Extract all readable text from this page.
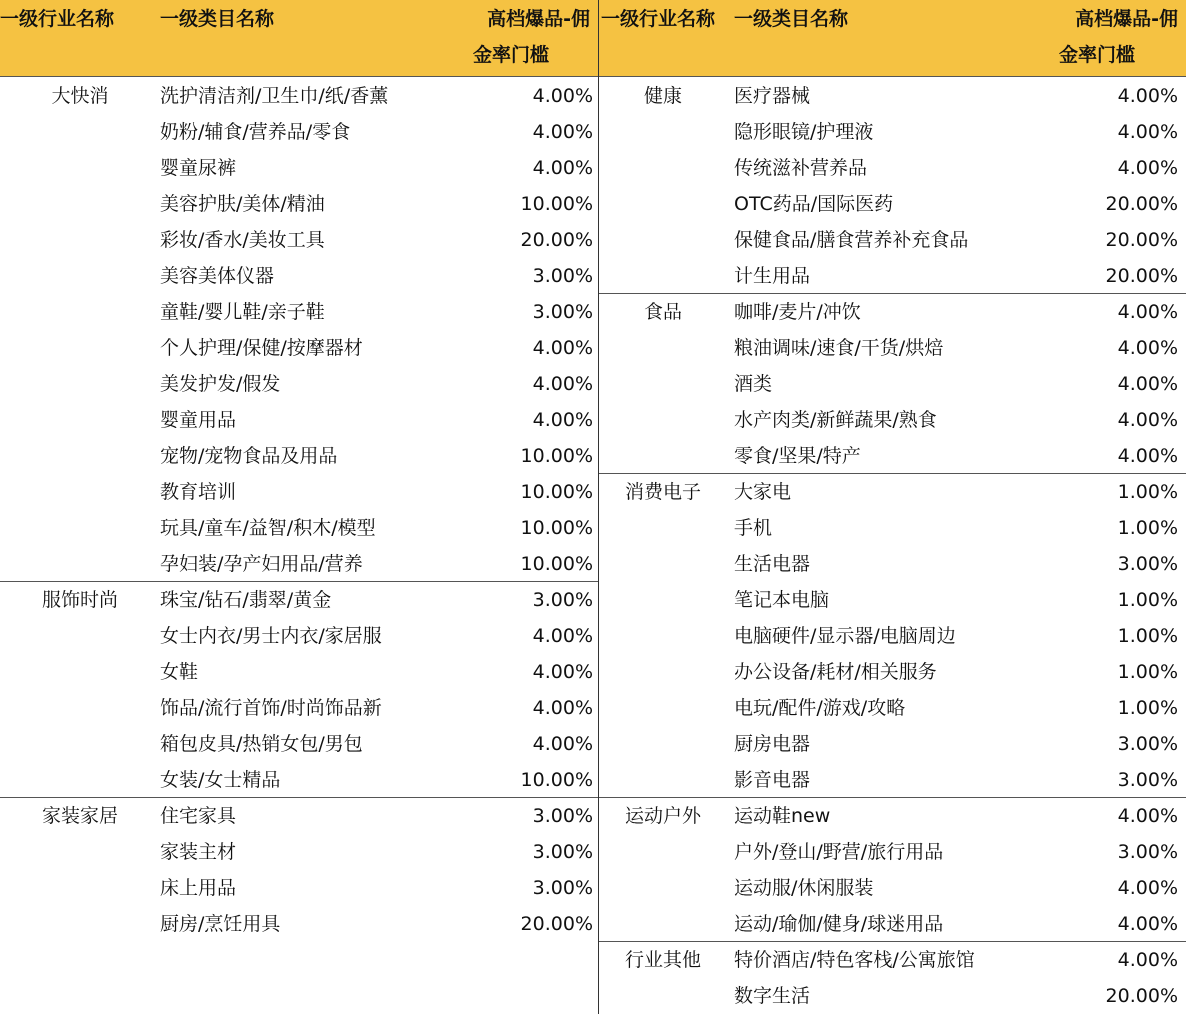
一级行业名称 一级类目名称	高档爆品-佣
金率门槛
一级行业名称 一级类目名称	高档爆品-佣
金率门槛
大快消	洗护清洁剂/卫生巾/纸/香薰	4.00%
奶粉/辅食/营养品/零食	4.00%
婴童尿裤	4.00%
美容护肤/美体/精油	10.00%
彩妆/香水/美妆工具	20.00%
美容美体仪器	3.00%
童鞋/婴儿鞋/亲子鞋	3.00%
个人护理/保健/按摩器材	4.00%
美发护发/假发	4.00%
婴童用品	4.00%
宠物/宠物食品及用品	10.00%
教育培训	10.00%
玩具/童车/益智/积木/模型	10.00%
孕妇装/孕产妇用品/营养	10.00%
服饰时尚	珠宝/钻石/翡翠/黄金	3.00%
女士内衣/男士内衣/家居服	4.00%
女鞋	4.00%
饰品/流行首饰/时尚饰品新	4.00%
箱包皮具/热销女包/男包	4.00%
女装/女士精品	10.00%
家装家居	住宅家具	3.00%
家装主材	3.00%
床上用品	3.00%
厨房/烹饪用具	20.00%
健康	医疗器械	4.00%
隐形眼镜/护理液	4.00%
传统滋补营养品	4.00%
OTC药品/国际医药	20.00%
保健食品/膳食营养补充食品	20.00%
计生用品	20.00%
食品	咖啡/麦片/冲饮	4.00%
粮油调味/速食/干货/烘焙	4.00%
酒类	4.00%
水产肉类/新鲜蔬果/熟食	4.00%
零食/坚果/特产	4.00%
消费电子	大家电	1.00%
手机	1.00%
生活电器	3.00%
笔记本电脑	1.00%
电脑硬件/显示器/电脑周边	1.00%
办公设备/耗材/相关服务	1.00%
电玩/配件/游戏/攻略	1.00%
厨房电器	3.00%
影音电器	3.00%
运动户外	运动鞋new	4.00%
户外/登山/野营/旅行用品	3.00%
运动服/休闲服装	4.00%
运动/瑜伽/健身/球迷用品	4.00%
行业其他	特价酒店/特色客栈/公寓旅馆	4.00%
数字生活	20.00%
